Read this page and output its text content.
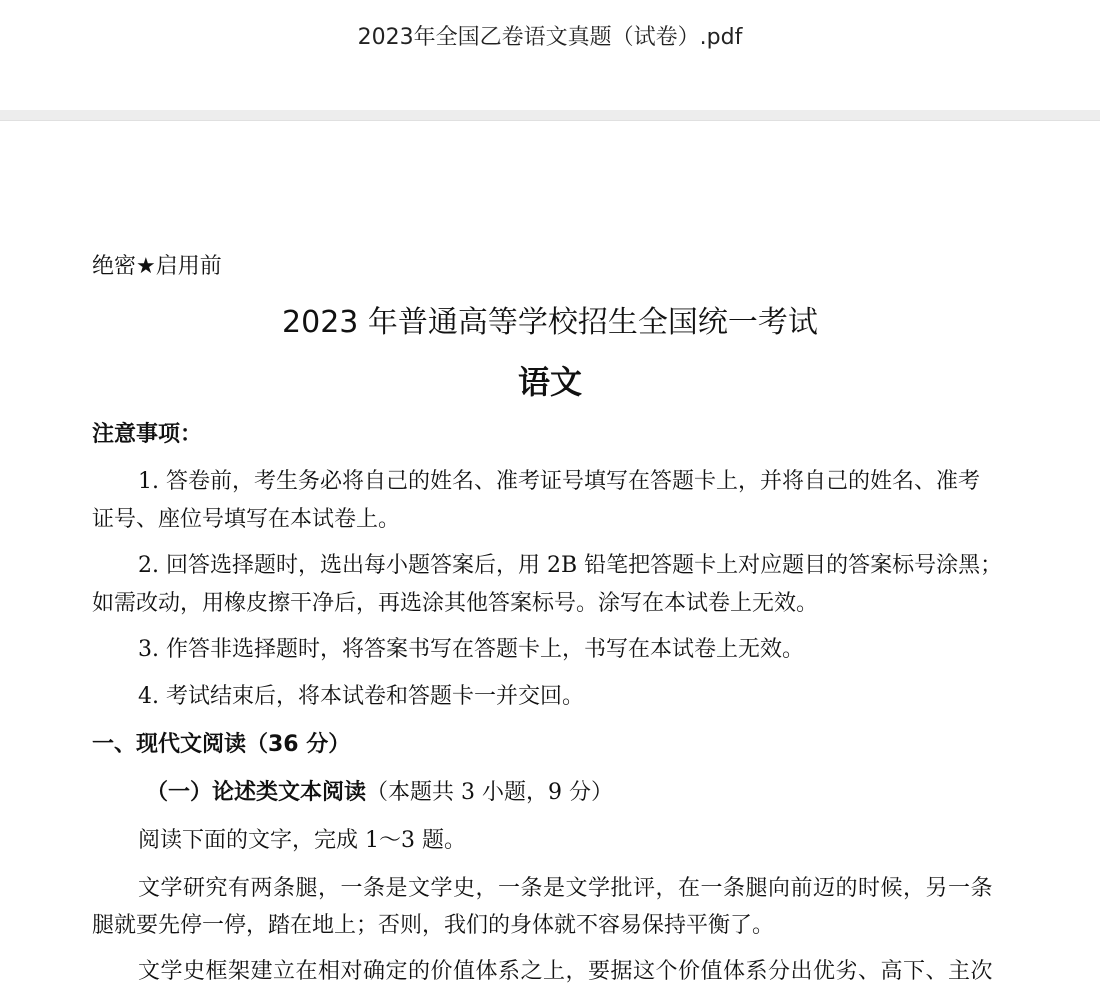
2023年全国乙卷语文真题（试卷）.pdf
绝密★启用前
2023 年普通高等学校招生全国统一考试
语文
注意事项：
1. 答卷前，考生务必将自己的姓名、准考证号填写在答题卡上，并将自己的姓名、准考
证号、座位号填写在本试卷上。
2. 回答选择题时，选出每小题答案后，用 2B 铅笔把答题卡上对应题目的答案标号涂黑；
如需改动，用橡皮擦干净后，再选涂其他答案标号。涂写在本试卷上无效。
3. 作答非选择题时，将答案书写在答题卡上，书写在本试卷上无效。
4. 考试结束后，将本试卷和答题卡一并交回。
一、现代文阅读（36 分）
（一）论述类文本阅读（本题共 3 小题，9 分）
阅读下面的文字，完成 1～3 题。
文学研究有两条腿，一条是文学史，一条是文学批评，在一条腿向前迈的时候，另一条
腿就要先停一停，踏在地上；否则，我们的身体就不容易保持平衡了。
文学史框架建立在相对确定的价值体系之上，要据这个价值体系分出优劣、高下、主次
